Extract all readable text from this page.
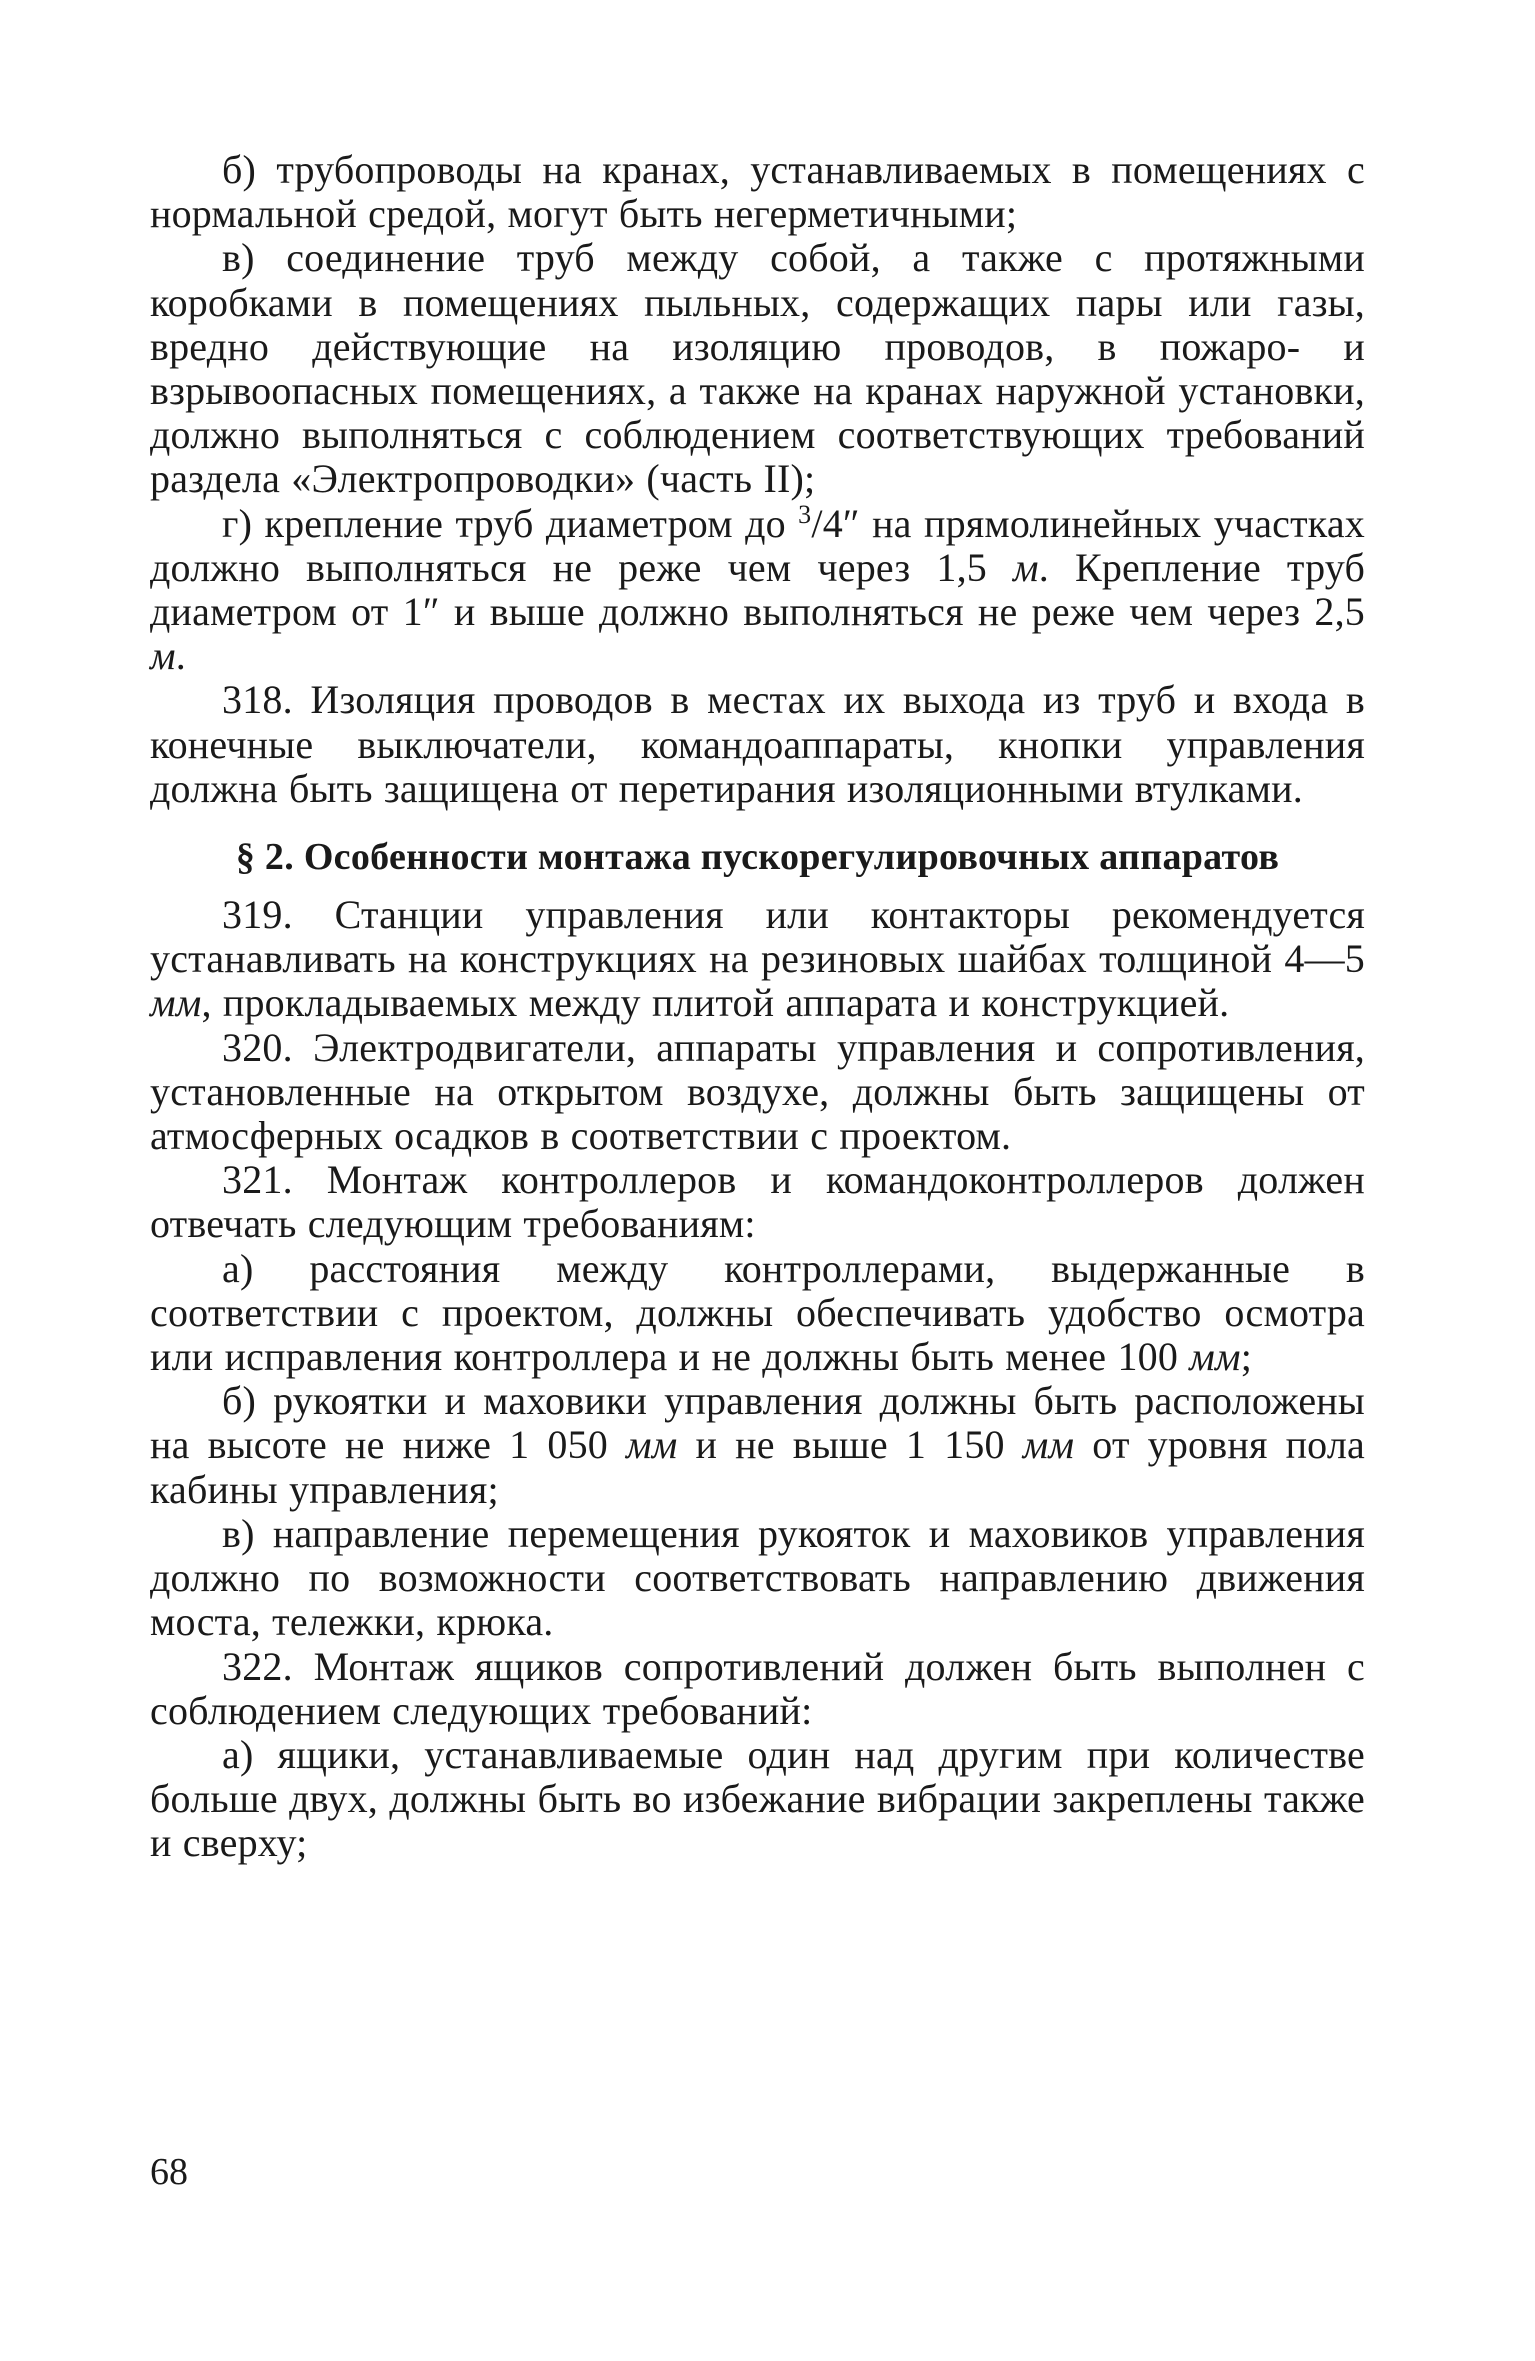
б) трубопроводы на кранах, устанавливаемых в помещениях с нормальной средой, могут быть негерметичными;

в) соединение труб между собой, а также с протяжными коробками в помещениях пыльных, содержащих пары или газы, вредно действующие на изоляцию проводов, в пожаро- и взрывоопасных помещениях, а также на кранах наружной установки, должно выполняться с соблюдением соответствующих требований раздела «Электропроводки» (часть II);

г) крепление труб диаметром до $^3$/4″ на прямолинейных участках должно выполняться не реже чем через 1,5 м. Крепление труб диаметром от 1″ и выше должно выполняться не реже чем через 2,5 м.

318. Изоляция проводов в местах их выхода из труб и входа в конечные выключатели, командоаппараты, кнопки управления должна быть защищена от перетирания изоляционными втулками.

§ 2. Особенности монтажа пускорегулировочных аппаратов

319. Станции управления или контакторы рекомендуется устанавливать на конструкциях на резиновых шайбах толщиной 4—5 мм, прокладываемых между плитой аппарата и конструкцией.

320. Электродвигатели, аппараты управления и сопротивления, установленные на открытом воздухе, должны быть защищены от атмосферных осадков в соответствии с проектом.

321. Монтаж контроллеров и командоконтроллеров должен отвечать следующим требованиям:

а) расстояния между контроллерами, выдержанные в соответствии с проектом, должны обеспечивать удобство осмотра или исправления контроллера и не должны быть менее 100 мм;

б) рукоятки и маховики управления должны быть расположены на высоте не ниже 1 050 мм и не выше 1 150 мм от уровня пола кабины управления;

в) направление перемещения рукояток и маховиков управления должно по возможности соответствовать направлению движения моста, тележки, крюка.

322. Монтаж ящиков сопротивлений должен быть выполнен с соблюдением следующих требований:

а) ящики, устанавливаемые один над другим при количестве больше двух, должны быть во избежание вибрации закреплены также и сверху;

68
